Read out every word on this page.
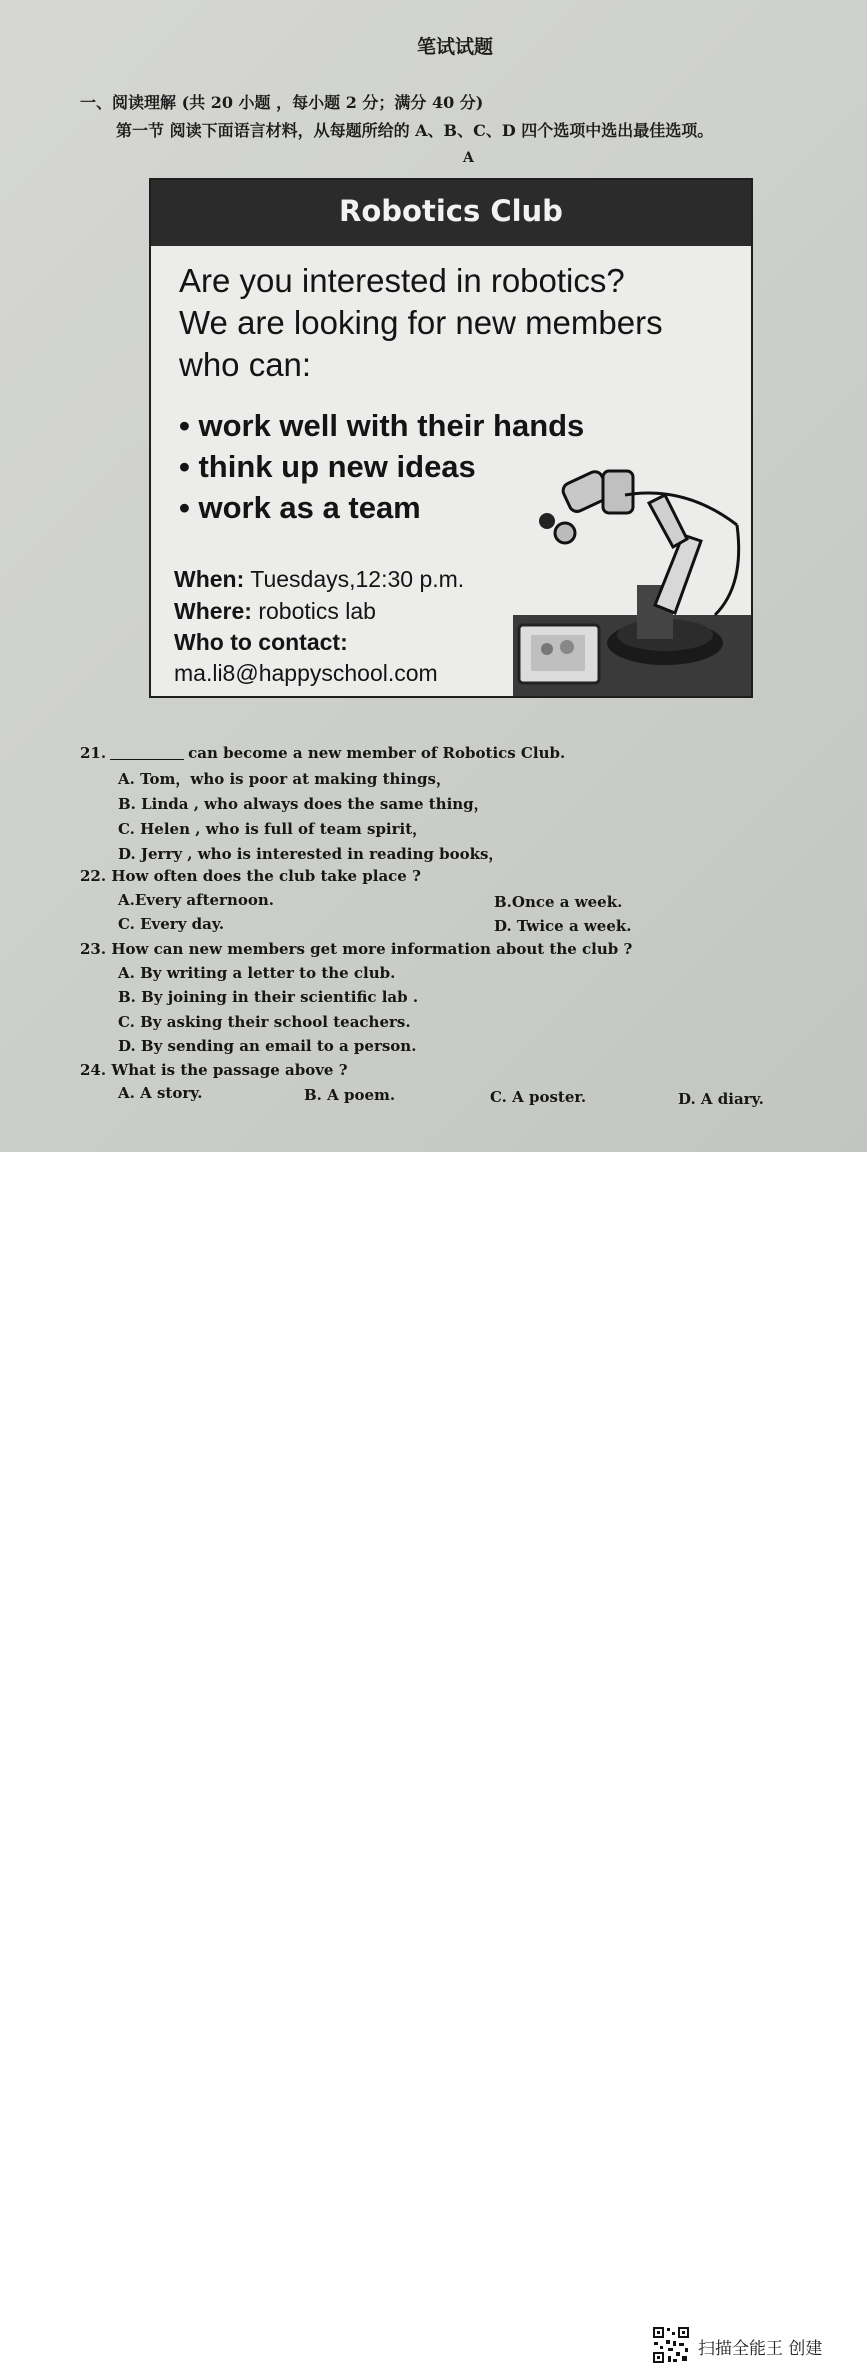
笔试试题
一、阅读理解 (共 20 小题 ，每小题 2 分；满分 40 分)
第一节 阅读下面语言材料，从每题所给的 A、B、C、D 四个选项中选出最佳选项。
A
Robotics Club
Are you interested in robotics?
We are looking for new members
who can:
• work well with their hands
• think up new ideas
• work as a team
When: Tuesdays,12:30 p.m.
Where: robotics lab
Who to contact:
ma.li8@happyschool.com
21.	can become a new member of Robotics Club.
A. Tom，who is poor at making things，
B. Linda , who always does the same thing，
C. Helen , who is full of team spirit，
D. Jerry , who is interested in reading books，
22. How often does the club take place ?
A.Every afternoon.	B.Once a week.
C. Every day.	D. Twice a week.
23. How can new members get more information about the club ?
A. By writing a letter to the club.
B. By joining in their scientific lab .
C. By asking their school teachers.
D. By sending an email to a person.
24. What is the passage above ?
A. A story.	B. A poem.	C. A poster.	D. A diary.
扫描全能王 创建
